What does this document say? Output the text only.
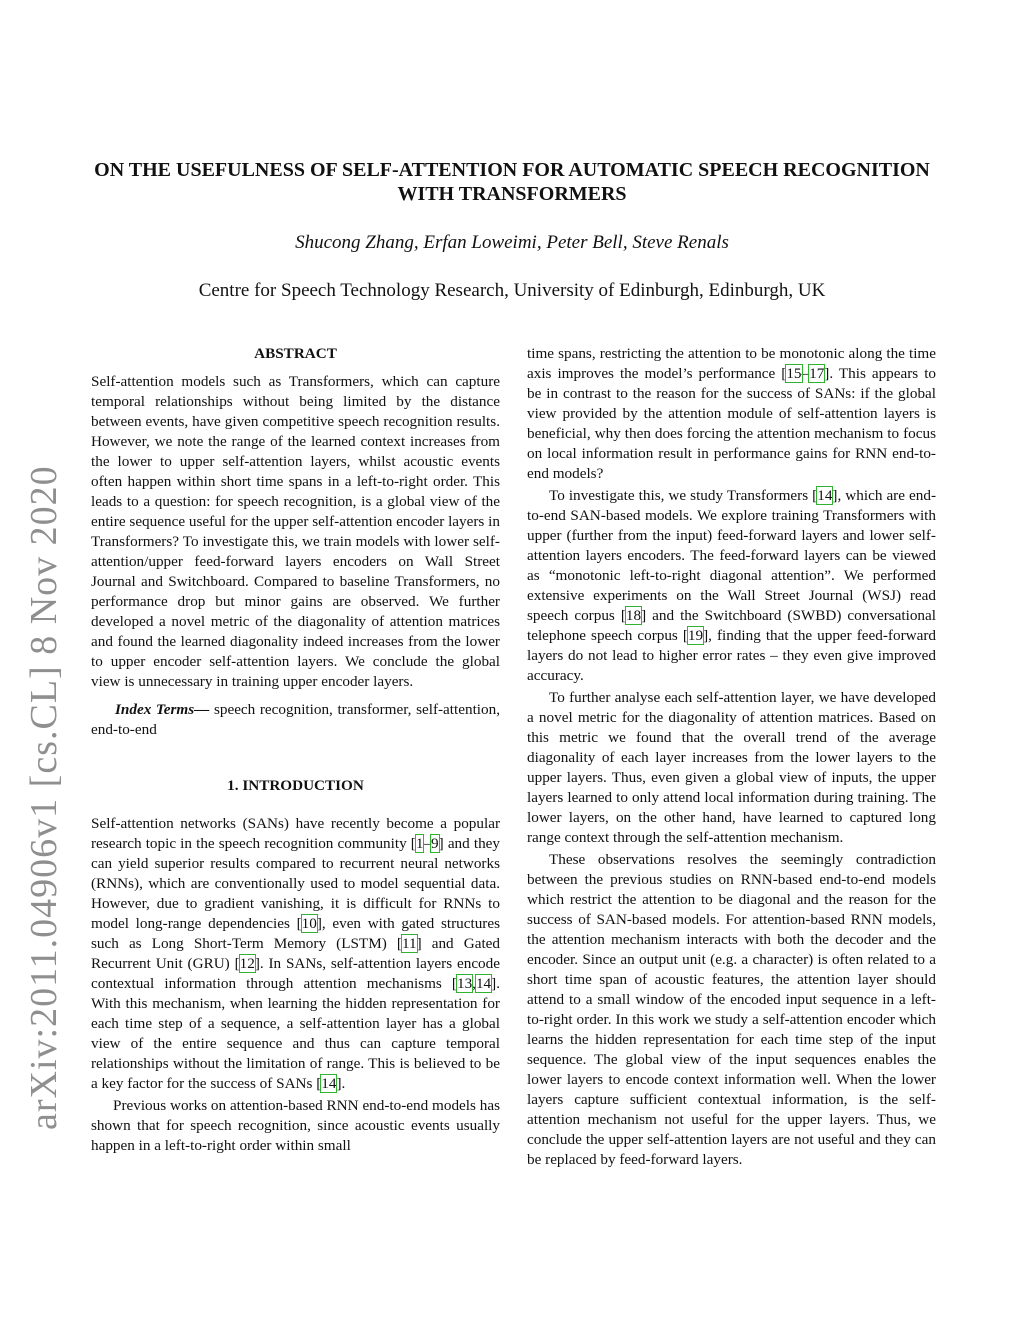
arXiv:2011.04906v1 [cs.CL] 8 Nov 2020
ON THE USEFULNESS OF SELF-ATTENTION FOR AUTOMATIC SPEECH RECOGNITION
WITH TRANSFORMERS
Shucong Zhang, Erfan Loweimi, Peter Bell, Steve Renals
Centre for Speech Technology Research, University of Edinburgh, Edinburgh, UK
ABSTRACT

Self-attention models such as Transformers, which can capture temporal relationships without being limited by the distance between events, have given competitive speech recognition results. However, we note the range of the learned context increases from the lower to upper self-attention layers, whilst acoustic events often happen within short time spans in a left-to-right order. This leads to a question: for speech recognition, is a global view of the entire sequence useful for the upper self-attention encoder layers in Transformers? To investigate this, we train models with lower self-attention/upper feed-forward layers encoders on Wall Street Journal and Switchboard. Compared to baseline Transformers, no performance drop but minor gains are observed. We further developed a novel metric of the diagonality of attention matrices and found the learned diagonality indeed increases from the lower to upper encoder self-attention layers. We conclude the global view is unnecessary in training upper encoder layers.

Index Terms— speech recognition, transformer, self-attention, end-to-end

1. INTRODUCTION

Self-attention networks (SANs) have recently become a popular research topic in the speech recognition community [1–9] and they can yield superior results compared to recurrent neural networks (RNNs), which are conventionally used to model sequential data. However, due to gradient vanishing, it is difficult for RNNs to model long-range dependencies [10], even with gated structures such as Long Short-Term Memory (LSTM) [11] and Gated Recurrent Unit (GRU) [12]. In SANs, self-attention layers encode contextual information through attention mechanisms [13,14]. With this mechanism, when learning the hidden representation for each time step of a sequence, a self-attention layer has a global view of the entire sequence and thus can capture temporal relationships without the limitation of range. This is believed to be a key factor for the success of SANs [14].

Previous works on attention-based RNN end-to-end models has shown that for speech recognition, since acoustic events usually happen in a left-to-right order within small

time spans, restricting the attention to be monotonic along the time axis improves the model’s performance [15–17]. This appears to be in contrast to the reason for the success of SANs: if the global view provided by the attention module of self-attention layers is beneficial, why then does forcing the attention mechanism to focus on local information result in performance gains for RNN end-to-end models?

To investigate this, we study Transformers [14], which are end-to-end SAN-based models. We explore training Transformers with upper (further from the input) feed-forward layers and lower self-attention layers encoders. The feed-forward layers can be viewed as “monotonic left-to-right diagonal attention”. We performed extensive experiments on the Wall Street Journal (WSJ) read speech corpus [18] and the Switchboard (SWBD) conversational telephone speech corpus [19], finding that the upper feed-forward layers do not lead to higher error rates – they even give improved accuracy.

To further analyse each self-attention layer, we have developed a novel metric for the diagonality of attention matrices. Based on this metric we found that the overall trend of the average diagonality of each layer increases from the lower layers to the upper layers. Thus, even given a global view of inputs, the upper layers learned to only attend local information during training. The lower layers, on the other hand, have learned to captured long range context through the self-attention mechanism.

These observations resolves the seemingly contradiction between the previous studies on RNN-based end-to-end models which restrict the attention to be diagonal and the reason for the success of SAN-based models. For attention-based RNN models, the attention mechanism interacts with both the decoder and the encoder. Since an output unit (e.g. a character) is often related to a short time span of acoustic features, the attention layer should attend to a small window of the encoded input sequence in a left-to-right order. In this work we study a self-attention encoder which learns the hidden representation for each time step of the input sequence. The global view of the input sequences enables the lower layers to encode context information well. When the lower layers capture sufficient contextual information, is the self-attention mechanism not useful for the upper layers. Thus, we conclude the upper self-attention layers are not useful and they can be replaced by feed-forward layers.
